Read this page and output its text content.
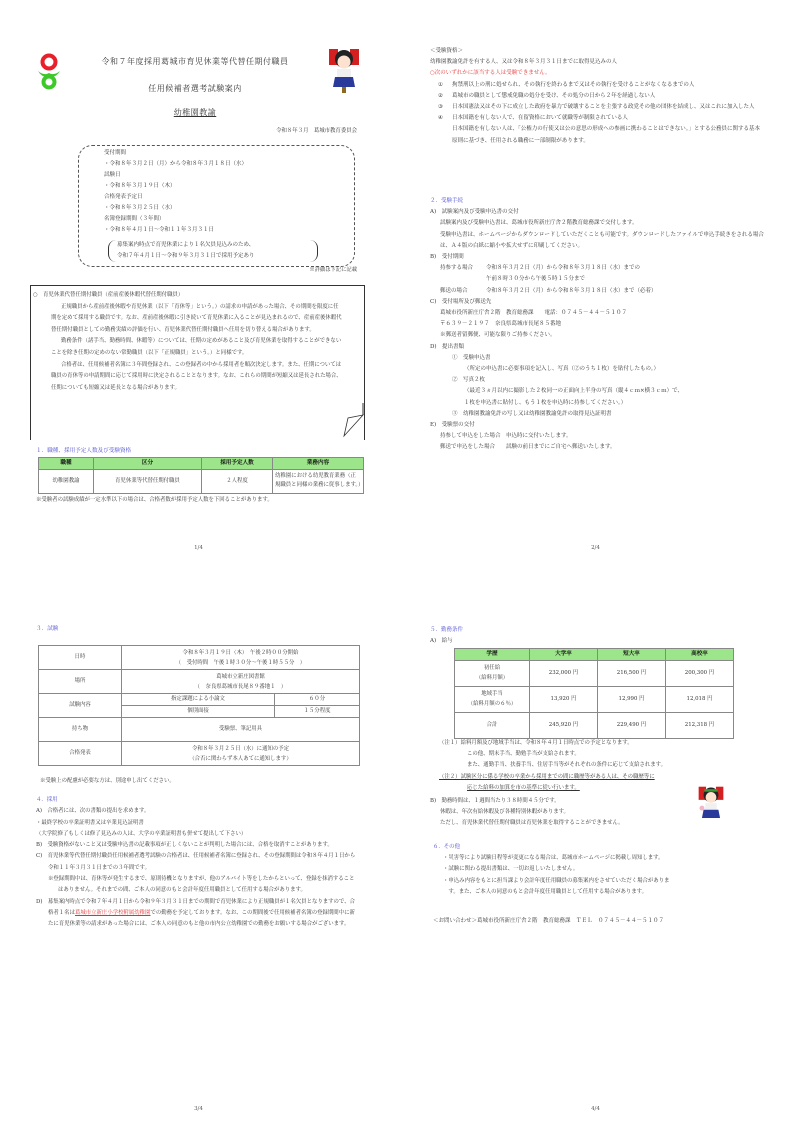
令和７年度採用葛城市育児休業等代替任期付職員
任用候補者選考試験案内
幼稚園教諭
令和８年３月　葛城市教育委員会
受付期間
・令和８年３月２日（月）から令和８年３月１８日（水）
試験日
・令和８年３月１９日（木）
合格発表予定日
・令和８年３月２５日（水）
名簿登録期間（３年間）
・令和８年４月１日～令和１１年３月３１日
募集案内時点で育児休業により１名欠員見込みのため、
令和７年４月１日～令和９年３月３１日で採用予定あり
※詳細は下記に記載
○　育児休業代替任期付職員（産前産後休暇代替任期付職員）
正規職員から産前産後休暇や育児休業（以下「育休等」という。）の請求の申請があった場合、その期間を限度に任期を定めて採用する職員です。なお、産前産後休暇に引き続いて育児休業に入ることが見込まれるので、産前産後休暇代替任期付職員としての勤務実績の評価を行い、育児休業代替任期付職員へ任用を切り替える場合があります。
勤務条件（諸手当、勤務時間、休暇等）については、任期の定めがあること及び育児休業を取得することができないことを除き任期の定めのない常勤職員（以下「正規職員」という。）と同様です。
合格者は、任用候補者名簿に３年間登録され、この登録者の中から採用者を順次決定します。また、任期については職員の育休等の申請期間に応じて採用時に決定されることとなります。なお、これらの期間が短縮又は延長された場合、任期についても短縮又は延長となる場合があります。
１．職種、採用予定人数及び受験資格
職種	区分	採用予定人数	業務内容
幼稚園教諭	育児休業等代替任期付職員	２人程度	幼稚園における幼児教育業務（正規職員と同様の業務に従事します。）
※受験者の試験成績が一定水準以下の場合は、合格者数が採用予定人数を下回ることがあります。
1/4
＜受験資格＞
幼稚園教諭免許を有する人、又は令和８年３月３１日までに取得見込みの人
○次のいずれかに該当する人は受験できません。
①	拘禁刑以上の刑に処せられ、その執行を終わるまで又はその執行を受けることがなくなるまでの人
②	葛城市の職員として懲戒免職の処分を受け、その処分の日から２年を経過しない人
③	日本国憲法又はその下に成立した政府を暴力で破壊することを主張する政党その他の団体を結成し、又はこれに加入した人
④	日本国籍を有しない人で、在留資格において就職等が制限されている人
日本国籍を有しない人は、「公権力の行使又は公の意思の形成への参画に携わることはできない。」とする公務員に関する基本原則に基づき、任用される職務に一部制限があります。
２．受験手続
A)　試験案内及び受験申込書の交付
試験案内及び受験申込書は、葛城市役所新庄庁舎２階教育総務課で交付します。
受験申込書は、ホームページからダウンロードしていただくことも可能です。ダウンロードしたファイルで申込手続きをされる場合は、Ａ４版の白紙に縮小や拡大せずに印刷してください。
B)　受付期間
持参する場合	令和８年３月２日（月）から令和８年３月１８日（水）までの
午前８時３０分から午後５時１５分まで
郵送の場合	令和８年３月２日（月）から令和８年３月１８日（水）まで（必着）
C)　受付場所及び郵送先
葛城市役所新庄庁舎２階　教育総務課　　電話：０７４５－４４－５１０７
〒６３９－２１９７　奈良県葛城市長尾８５番地
※郵送者留郵便、可能な限りご持参ください。
D)　提出書類
①　 受験申込書
（所定の申込書に必要事項を記入し、写真（②のうち１枚）を貼付したもの。）
②　 写真２枚
（最近３ヵ月以内に撮影した２枚同一の正面向上半身の写真（縦４ｃｍ×横３ｃｍ）で、
１枚を申込書に貼付し、もう１枚を申込時に持参してください。）
③　 幼稚園教諭免許の写し又は幼稚園教諭免許の取得見込証明書
E)　受験票の交付
持参して申込をした場合　申込時に交付いたします。
郵送で申込をした場合　　試験の前日までにご自宅へ郵送いたします。
2/4
３．試験
日時	令和８年３月１９日（木）　午後２時００分開始
（　受付時間　午後１時３０分～午後１時５５分　）	

場所	葛城市立新庄図書館
（　奈良県葛城市長尾８９番地１　）	

試験内容	指定課題による小論文	６０分
	個別面接	１５分程度
持ち物	受験票、筆記用具	
合格発表	令和８年３月２５日（水）に通知の予定
（合否に関わらず本人あてに通知します）	
※受験上の配慮が必要な方は、別途申し出てください。
４．採用
A)　合格者には、次の書類の提出を求めます。
・最終学校の卒業証明書又は卒業見込証明書
（大学院修了もしくは修了見込みの人は、大学の卒業証明書も併せて提出して下さい）
B)　受験資格がないこと又は受験申込書の記載事項が正しくないことが判明した場合には、合格を取消すことがあります。
C)　育児休業等代替任期付職員任用候補者選考試験の合格者は、任用候補者名簿に登録され、その登録期間は令和８年４月１日から令和１１年３月３１日までの３年間です。
※登録期間中は、育休等が発生するまで、原則待機となりますが、他のアルバイト等をしたからといって、登録を抹消することはありません。それまでの間、ご本人の同意のもと会計年度任用職員として任用する場合があります。
D)　募集案内時点で令和７年４月１日から令和９年３月３１日までの期間で育児休業により正規職員が１名欠員となりますので、合格者１名は葛城市立新庄小学校附属幼稚園での勤務を予定しております。なお、この期間後で任用候補者名簿の登録期間中に新たに育児休業等の請求があった場合には、ご本人の同意のもと他の市内公立幼稚園での勤務をお願いする場合がございます。
3/4
５．勤務条件
A)　給与
学歴	大学卒	短大卒	高校卒

初任給
（給料月額）	232,000 円	216,500 円	200,300 円

地域手当
（給料月額の６％）	13,920 円	12,990 円	12,018 円
合計	245,920 円	229,490 円	212,318 円
（注１）給料月額及び地域手当は、令和８年４月１日時点での予定となります。
この他、期末手当、勤勉手当が支給されます。
また、通勤手当、扶養手当、住居手当等がそれぞれの条件に応じて支給されます。
（注２）試験区分に係る学校の卒業から採用までの間に職歴等がある人は、その職歴等に
応じた給料の加算を市の基準に従い行います。
B)　勤務時間は、１週間当たり３８時間４５分です。
休暇は、年次有給休暇及び各種特別休暇があります。
ただし、育児休業代替任期付職員は育児休業を取得することができません。
６．その他
・災害等により試験日程等が変更になる場合は、葛城市ホームページに掲載し周知します。
・試験に関わる提出書類は、一切お返しいたしません。
・申込み内容をもとに担当課より会計年度任用職員の募集案内をさせていただく場合がありま
　す。また、ご本人の同意のもと会計年度任用職員として任用する場合があります。
＜お問い合わせ＞葛城市役所新庄庁舎２階　教育総務課　ＴＥＬ　０７４５－４４－５１０７
4/4
